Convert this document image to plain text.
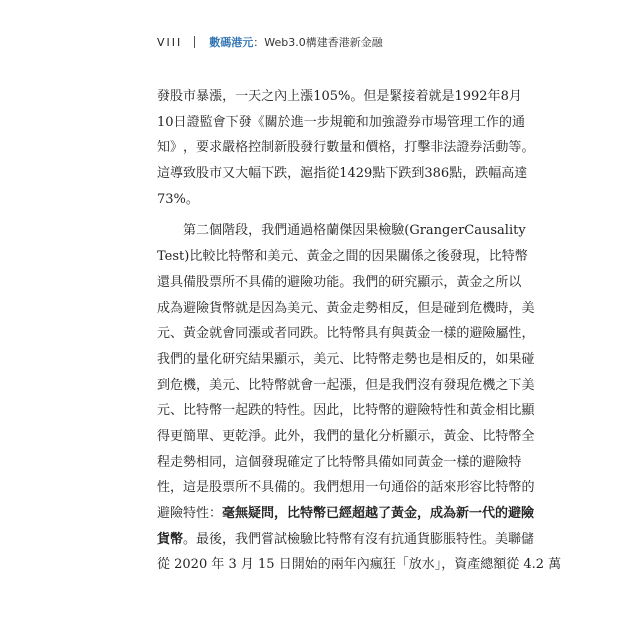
VIII 數碼港元 ：Web3.0構建香港新金融
發 股 市 暴 漲 ， 一 天 之 內 上 漲 105% 。 但 是 緊 接 着 就 是 1992 年 8 月
10 日 證 監 會 下 發 《 關 於 進 一 步 規 範 和 加 強 證 券 市 場 管 理 工 作 的 通
知 》 ， 要 求 嚴 格 控 制 新 股 發 行 數 量 和 價 格 ， 打 擊 非 法 證 券 活 動 等 。
這 導 致 股 市 又 大 幅 下 跌 ， 滬 指 從 1429 點 下 跌 到 386 點 ， 跌 幅 高 達
73%。
第 二 個 階 段 ， 我 們 通 過 格 蘭 傑 因 果 檢 驗 (Granger Causality
Test) 比 較 比 特 幣 和 美 元 、 黃 金 之 間 的 因 果 關 係 之 後 發 現 ， 比 特 幣
還 具 備 股 票 所 不 具 備 的 避 險 功 能 。 我 們 的 研 究 顯 示 ， 黃 金 之 所 以
成 為 避 險 貨 幣 就 是 因 為 美 元 、 黃 金 走 勢 相 反 ， 但 是 碰 到 危 機 時 ， 美
元 、 黃 金 就 會 同 漲 或 者 同 跌 。 比 特 幣 具 有 與 黃 金 一 樣 的 避 險 屬 性 ，
我 們 的 量 化 研 究 結 果 顯 示 ， 美 元 、 比 特 幣 走 勢 也 是 相 反 的 ， 如 果 碰
到 危 機 ， 美 元 、 比 特 幣 就 會 一 起 漲 ， 但 是 我 們 沒 有 發 現 危 機 之 下 美
元 、 比 特 幣 一 起 跌 的 特 性 。 因 此 ， 比 特 幣 的 避 險 特 性 和 黃 金 相 比 顯
得 更 簡 單 、 更 乾 淨 。 此 外 ， 我 們 的 量 化 分 析 顯 示 ， 黃 金 、 比 特 幣 全
程 走 勢 相 同 ， 這 個 發 現 確 定 了 比 特 幣 具 備 如 同 黃 金 一 樣 的 避 險 特
性 ， 這 是 股 票 所 不 具 備 的 。 我 們 想 用 一 句 通 俗 的 話 來 形 容 比 特 幣 的
避險特性： 毫無疑問，比特幣已經超越了黃金，成為新一代的避險
貨幣 。最後，我們嘗試檢驗比特幣有沒有抗通貨膨脹特性。美聯儲
從 2020 年 3 月 15 日開始的兩年內瘋狂「放水」，資產總額從 4.2 萬
